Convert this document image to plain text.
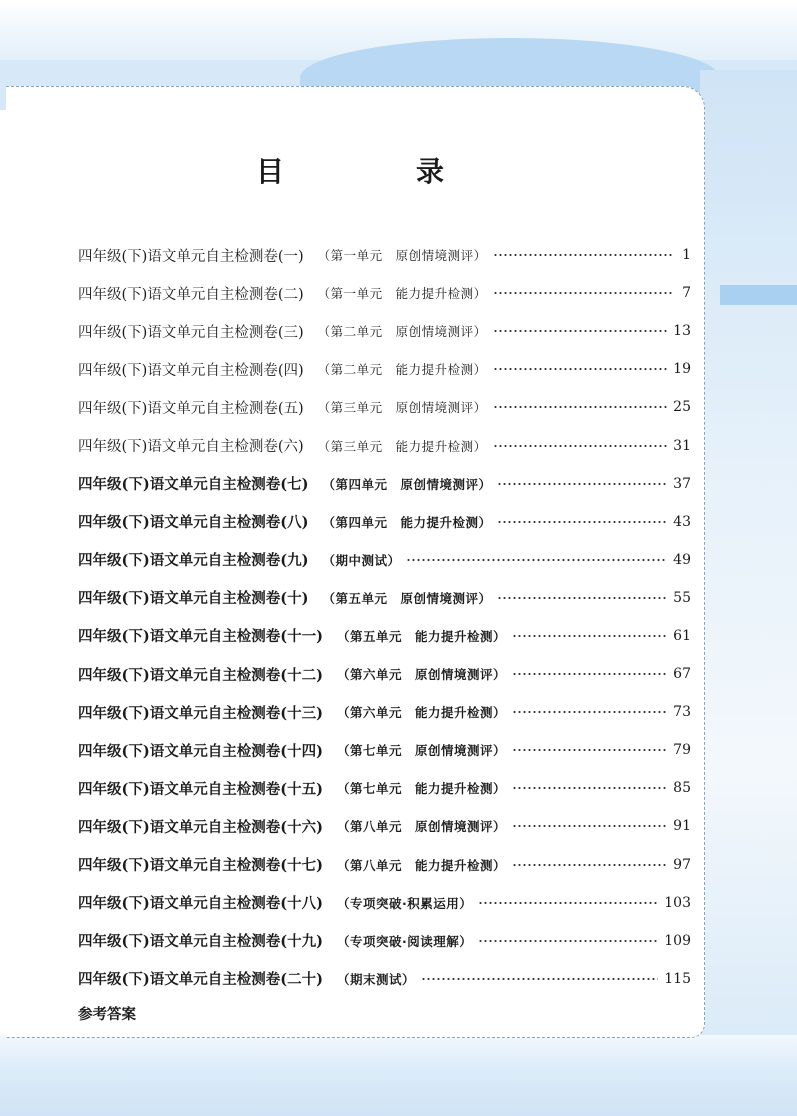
目　录
四年级(下)语文单元自主检测卷(一) （第一单元　原创情境测评）	1
四年级(下)语文单元自主检测卷(二) （第一单元　能力提升检测）	7
四年级(下)语文单元自主检测卷(三) （第二单元　原创情境测评）	13
四年级(下)语文单元自主检测卷(四) （第二单元　能力提升检测）	19
四年级(下)语文单元自主检测卷(五) （第三单元　原创情境测评）	25
四年级(下)语文单元自主检测卷(六) （第三单元　能力提升检测）	31
四年级(下)语文单元自主检测卷(七) （第四单元　原创情境测评）	37
四年级(下)语文单元自主检测卷(八) （第四单元　能力提升检测）	43
四年级(下)语文单元自主检测卷(九) （期中测试）	49
四年级(下)语文单元自主检测卷(十) （第五单元　原创情境测评）	55
四年级(下)语文单元自主检测卷(十一) （第五单元　能力提升检测）	61
四年级(下)语文单元自主检测卷(十二) （第六单元　原创情境测评）	67
四年级(下)语文单元自主检测卷(十三) （第六单元　能力提升检测）	73
四年级(下)语文单元自主检测卷(十四) （第七单元　原创情境测评）	79
四年级(下)语文单元自主检测卷(十五) （第七单元　能力提升检测）	85
四年级(下)语文单元自主检测卷(十六) （第八单元　原创情境测评）	91
四年级(下)语文单元自主检测卷(十七) （第八单元　能力提升检测）	97
四年级(下)语文单元自主检测卷(十八) （专项突破·积累运用）	103
四年级(下)语文单元自主检测卷(十九) （专项突破·阅读理解）	109
四年级(下)语文单元自主检测卷(二十) （期末测试）	115
参考答案
